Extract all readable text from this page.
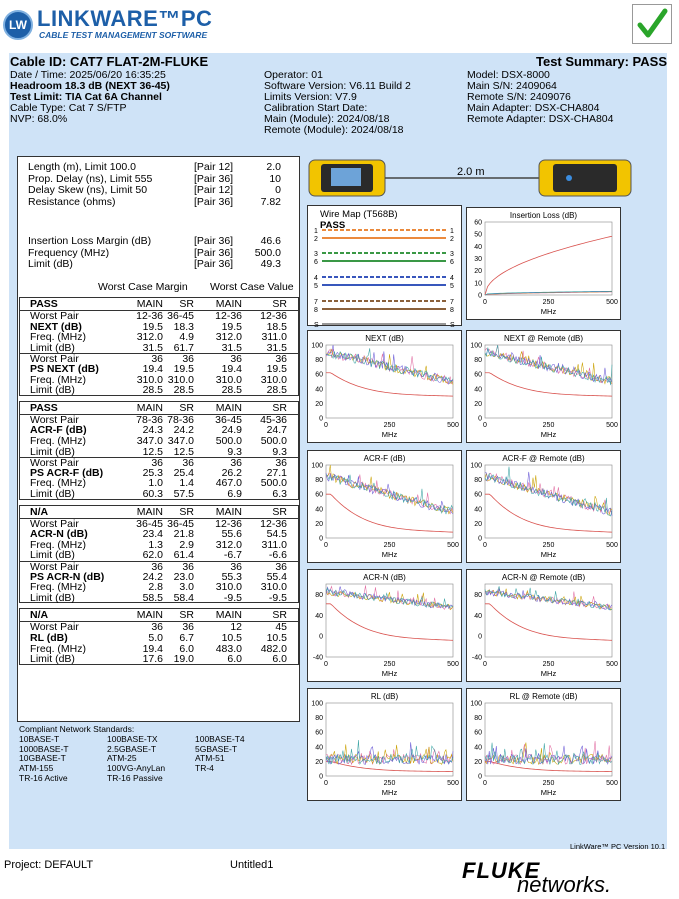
LW LINKWARE™PC
CABLE TEST MANAGEMENT SOFTWARE
Cable ID: CAT7 FLAT-2M-FLUKE	Test Summary: PASS
Date / Time: 2025/06/20 16:35:25
Headroom 18.3 dB (NEXT 36-45)
Test Limit: TIA Cat 6A Channel
Cable Type: Cat 7 S/FTP
NVP: 68.0%
Operator: 01
Software Version: V6.11 Build 2
Limits Version: V7.9
Calibration Start Date:
Main (Module): 2024/08/18
Remote (Module): 2024/08/18
Model: DSX-8000
Main S/N: 2409064
Remote S/N: 2409076
Main Adapter: DSX-CHA804
Remote Adapter: DSX-CHA804
Length (m), Limit 100.0	[Pair 12]	2.0
Prop. Delay (ns), Limit 555	[Pair 36]	10
Delay Skew (ns), Limit 50	[Pair 12]	0
Resistance (ohms)	[Pair 36]	7.82
Insertion Loss Margin (dB)	[Pair 36]	46.6
Frequency (MHz)	[Pair 36] 500.0
Limit (dB)	[Pair 36]	49.3
Worst Case Margin Worst Case Value
PASS	MAIN SR MAIN	SR
Worst Pair	12-36 36-45 12-36 12-36
NEXT (dB)	19.5 18.3	19.5 18.5
Freq. (MHz)	312.0 4.9 312.0 311.0
Limit (dB)	31.5 61.7	31.5 31.5
Worst Pair	36 36	36	36
PS NEXT (dB)	19.4 19.5	19.4 19.5
Freq. (MHz)	310.0 310.0 310.0 310.0
Limit (dB)	28.5 28.5	28.5 28.5
PASS	MAIN SR MAIN	SR
Worst Pair	78-36 78-36 36-45 45-36
ACR-F (dB)	24.3 24.2	24.9 24.7
Freq. (MHz)	347.0 347.0 500.0 500.0
Limit (dB)	12.5 12.5	9.3	9.3
Worst Pair	36 36	36	36
PS ACR-F (dB)	25.3 25.4	26.2 27.1
Freq. (MHz)	1.0 1.4 467.0 500.0
Limit (dB)	60.3 57.5	6.9	6.3
N/A	MAIN SR MAIN	SR
Worst Pair	36-45 36-45 12-36 12-36
ACR-N (dB)	23.4 21.8	55.6 54.5
Freq. (MHz)	1.3 2.9 312.0 311.0
Limit (dB)	62.0 61.4	-6.7	-6.6
Worst Pair	36 36	36	36
PS ACR-N (dB)	24.2 23.0	55.3 55.4
Freq. (MHz)	2.8 3.0 310.0 310.0
Limit (dB)	58.5 58.4	-9.5	-9.5
N/A	MAIN SR MAIN	SR
Worst Pair	36 36	12	45
RL (dB)	5.0 6.7	10.5 10.5
Freq. (MHz)	19.4 6.0 483.0 482.0
Limit (dB)	17.6 19.0	6.0	6.0
2.0 m
Wire Map (T568B)
PASS
1	1
2	2
3	3
6	6
4	4
5	5
7	7
8	8
S	S
Insertion Loss (dB)
60
50
40
30
20
10
0
0	250	500
MHz
NEXT (dB)
100
80
60
40
20
0
0	250	500
MHz
NEXT @ Remote (dB)
100
80
60
40
20
0
0	250	500
MHz
ACR-F (dB)
100
80
60
40
20
0
0	250	500
MHz
ACR-F @ Remote (dB)
100
80
60
40
20
0
0	250	500
MHz
ACR-N (dB)
80
40
0
-40
0	250	500
MHz
ACR-N @ Remote (dB)
80
40
0
-40
0	250	500
MHz
RL (dB)
100
80
60
40
20
0
0	250	500
MHz
RL @ Remote (dB)
100
80
60
40
20
0
0	250	500
MHz
Compliant Network Standards:
10BASE-T	100BASE-TX	100BASE-T4
1000BASE-T	2.5GBASE-T	5GBASE-T
10GBASE-T	ATM-25	ATM-51
ATM-155	100VG-AnyLan	TR-4
TR-16 Active	TR-16 Passive
LinkWare™ PC Version 10.1
Project: DEFAULT	Untitled1	FLUKE
networks.
